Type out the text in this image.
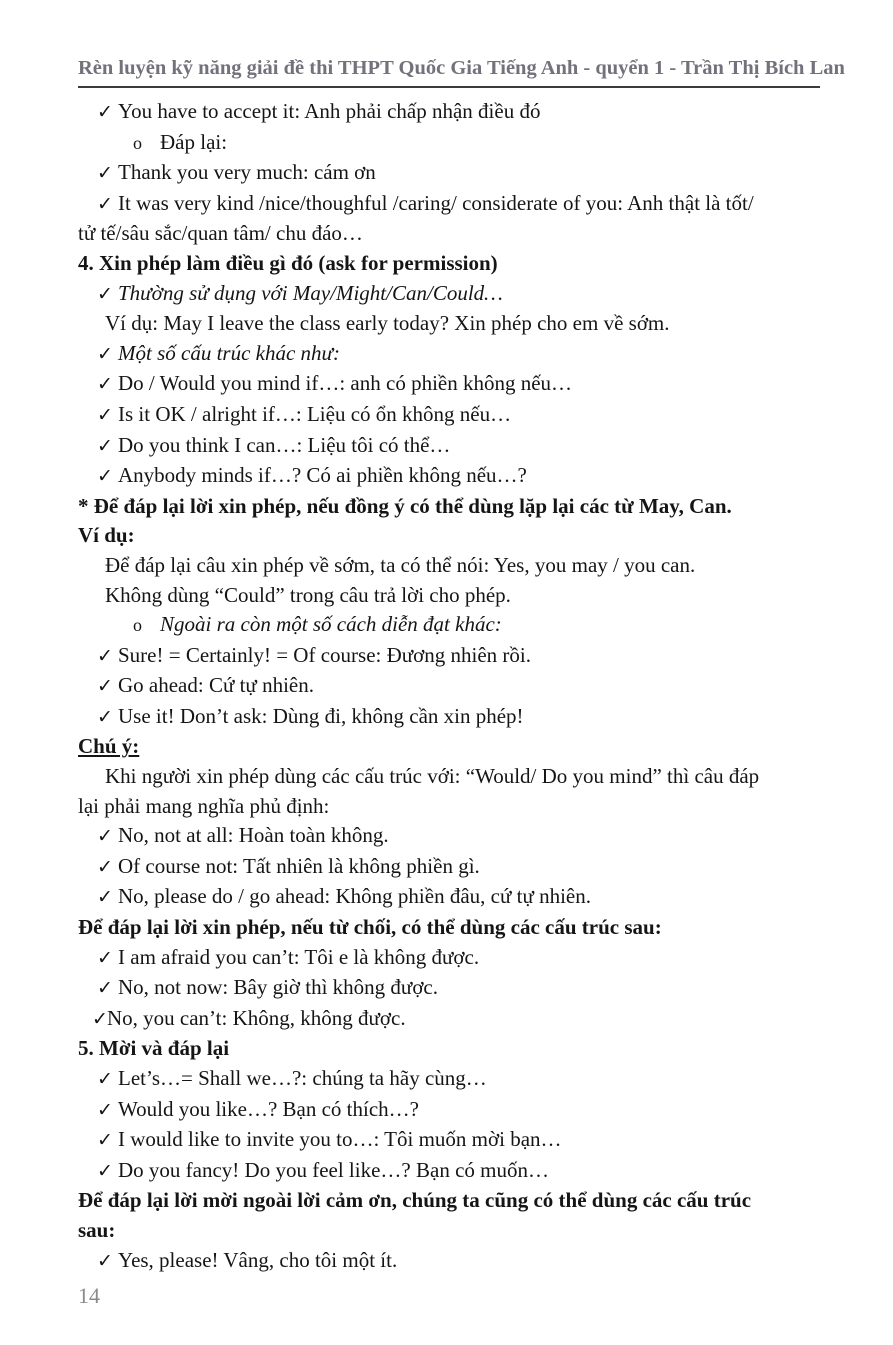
Rèn luyện kỹ năng giải đề thi THPT Quốc Gia Tiếng Anh - quyển 1 - Trần Thị Bích Lan
✓ You have to accept it: Anh phải chấp nhận điều đó
o Đáp lại:
✓ Thank you very much: cám ơn
✓ It was very kind /nice/thoughful /caring/ considerate of you: Anh thật là tốt/
tử tế/sâu sắc/quan tâm/ chu đáo…
4. Xin phép làm điều gì đó (ask for permission)
✓ Thường sử dụng với May/Might/Can/Could…
Ví dụ: May I leave the class early today? Xin phép cho em về sớm.
✓ Một số cấu trúc khác như:
✓ Do / Would you mind if…: anh có phiền không nếu…
✓ Is it OK / alright if…: Liệu có ổn không nếu…
✓ Do you think I can…: Liệu tôi có thể…
✓ Anybody minds if…? Có ai phiền không nếu…?
* Để đáp lại lời xin phép, nếu đồng ý có thể dùng lặp lại các từ May, Can.
Ví dụ:
Để đáp lại câu xin phép về sớm, ta có thể nói: Yes, you may / you can.
Không dùng “Could” trong câu trả lời cho phép.
o Ngoài ra còn một số cách diễn đạt khác:
✓ Sure! = Certainly! = Of course: Đương nhiên rồi.
✓ Go ahead: Cứ tự nhiên.
✓ Use it! Don’t ask: Dùng đi, không cần xin phép!
Chú ý:
Khi người xin phép dùng các cấu trúc với: “Would/ Do you mind” thì câu đáp
lại phải mang nghĩa phủ định:
✓ No, not at all: Hoàn toàn không.
✓ Of course not: Tất nhiên là không phiền gì.
✓ No, please do / go ahead: Không phiền đâu, cứ tự nhiên.
Để đáp lại lời xin phép, nếu từ chối, có thể dùng các cấu trúc sau:
✓ I am afraid you can’t: Tôi e là không được.
✓ No, not now: Bây giờ thì không được.
✓No, you can’t: Không, không được.
5. Mời và đáp lại
✓ Let’s…= Shall we…?: chúng ta hãy cùng…
✓ Would you like…? Bạn có thích…?
✓ I would like to invite you to…: Tôi muốn mời bạn…
✓ Do you fancy! Do you feel like…? Bạn có muốn…
Để đáp lại lời mời ngoài lời cảm ơn, chúng ta cũng có thể dùng các cấu trúc
sau:
✓ Yes, please! Vâng, cho tôi một ít.
14
